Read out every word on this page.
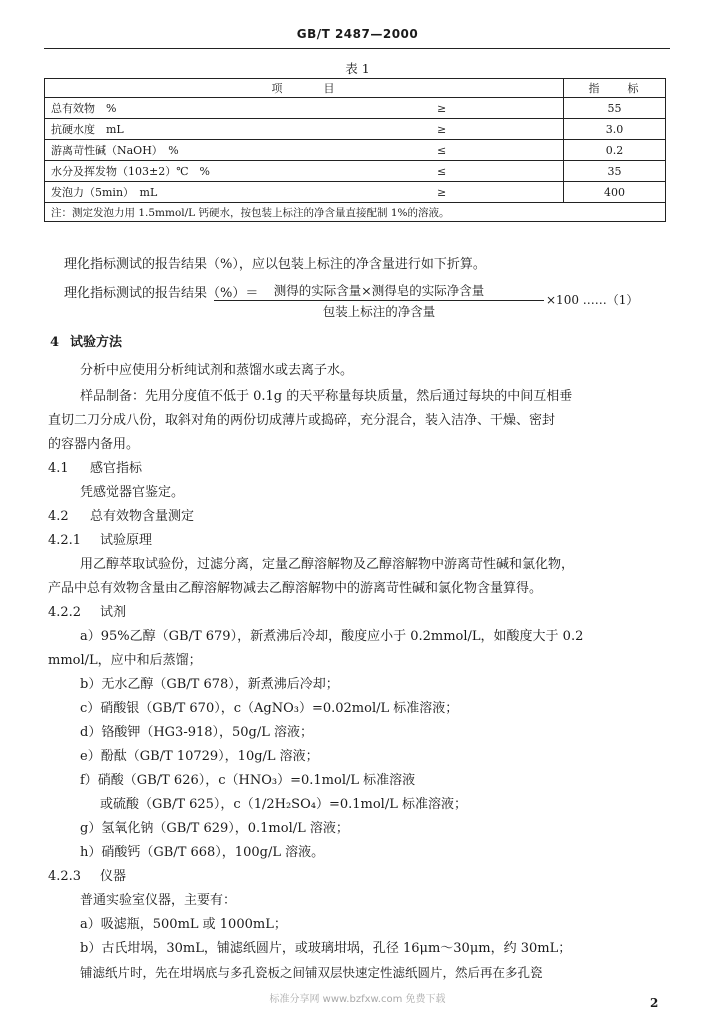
GB/T 2487—2000
表 1
项　　　目		指　　标
总有效物　%	≥	55
抗硬水度　mL	≥	3.0
游离苛性碱（NaOH）　%	≤	0.2
水分及挥发物（103±2）℃　%	≤	35
发泡力（5min）　mL	≥	400
注：测定发泡力用 1.5mmol/L 钙硬水，按包装上标注的净含量直接配制 1%的溶液。		

理化指标测试的报告结果（%），应以包装上标注的净含量进行如下折算。

理化指标测试的报告结果（%）＝	测得的实际含量×测得皂的实际净含量
包装上标注的净含量
×100 ……（1）

4 试验方法

分析中应使用分析纯试剂和蒸馏水或去离子水。

样品制备：先用分度值不低于 0.1g 的天平称量每块质量，然后通过每块的中间互相垂

直切二刀分成八份，取斜对角的两份切成薄片或捣碎，充分混合，装入洁净、干燥、密封

的容器内备用。

4.1 感官指标

凭感觉器官鉴定。

4.2 总有效物含量测定

4.2.1 试验原理

用乙醇萃取试验份，过滤分离，定量乙醇溶解物及乙醇溶解物中游离苛性碱和氯化物，

产品中总有效物含量由乙醇溶解物减去乙醇溶解物中的游离苛性碱和氯化物含量算得。

4.2.2 试剂

a）95%乙醇（GB/T 679），新煮沸后冷却，酸度应小于 0.2mmol/L，如酸度大于 0.2

mmol/L，应中和后蒸馏；

b）无水乙醇（GB/T 678），新煮沸后冷却；

c）硝酸银（GB/T 670），c（AgNO₃）=0.02mol/L 标准溶液；

d）铬酸钾（HG3-918），50g/L 溶液；

e）酚酞（GB/T 10729），10g/L 溶液；

f）硝酸（GB/T 626），c（HNO₃）=0.1mol/L 标准溶液

或硫酸（GB/T 625），c（1/2H₂SO₄）=0.1mol/L 标准溶液；

g）氢氧化钠（GB/T 629），0.1mol/L 溶液；

h）硝酸钙（GB/T 668），100g/L 溶液。

4.2.3 仪器

普通实验室仪器，主要有：

a）吸滤瓶，500mL 或 1000mL；

b）古氏坩埚，30mL，铺滤纸圆片，或玻璃坩埚，孔径 16μm～30μm，约 30mL；

铺滤纸片时，先在坩埚底与多孔瓷板之间铺双层快速定性滤纸圆片，然后再在多孔瓷

标准分享网 www.bzfxw.com 免费下载	2
